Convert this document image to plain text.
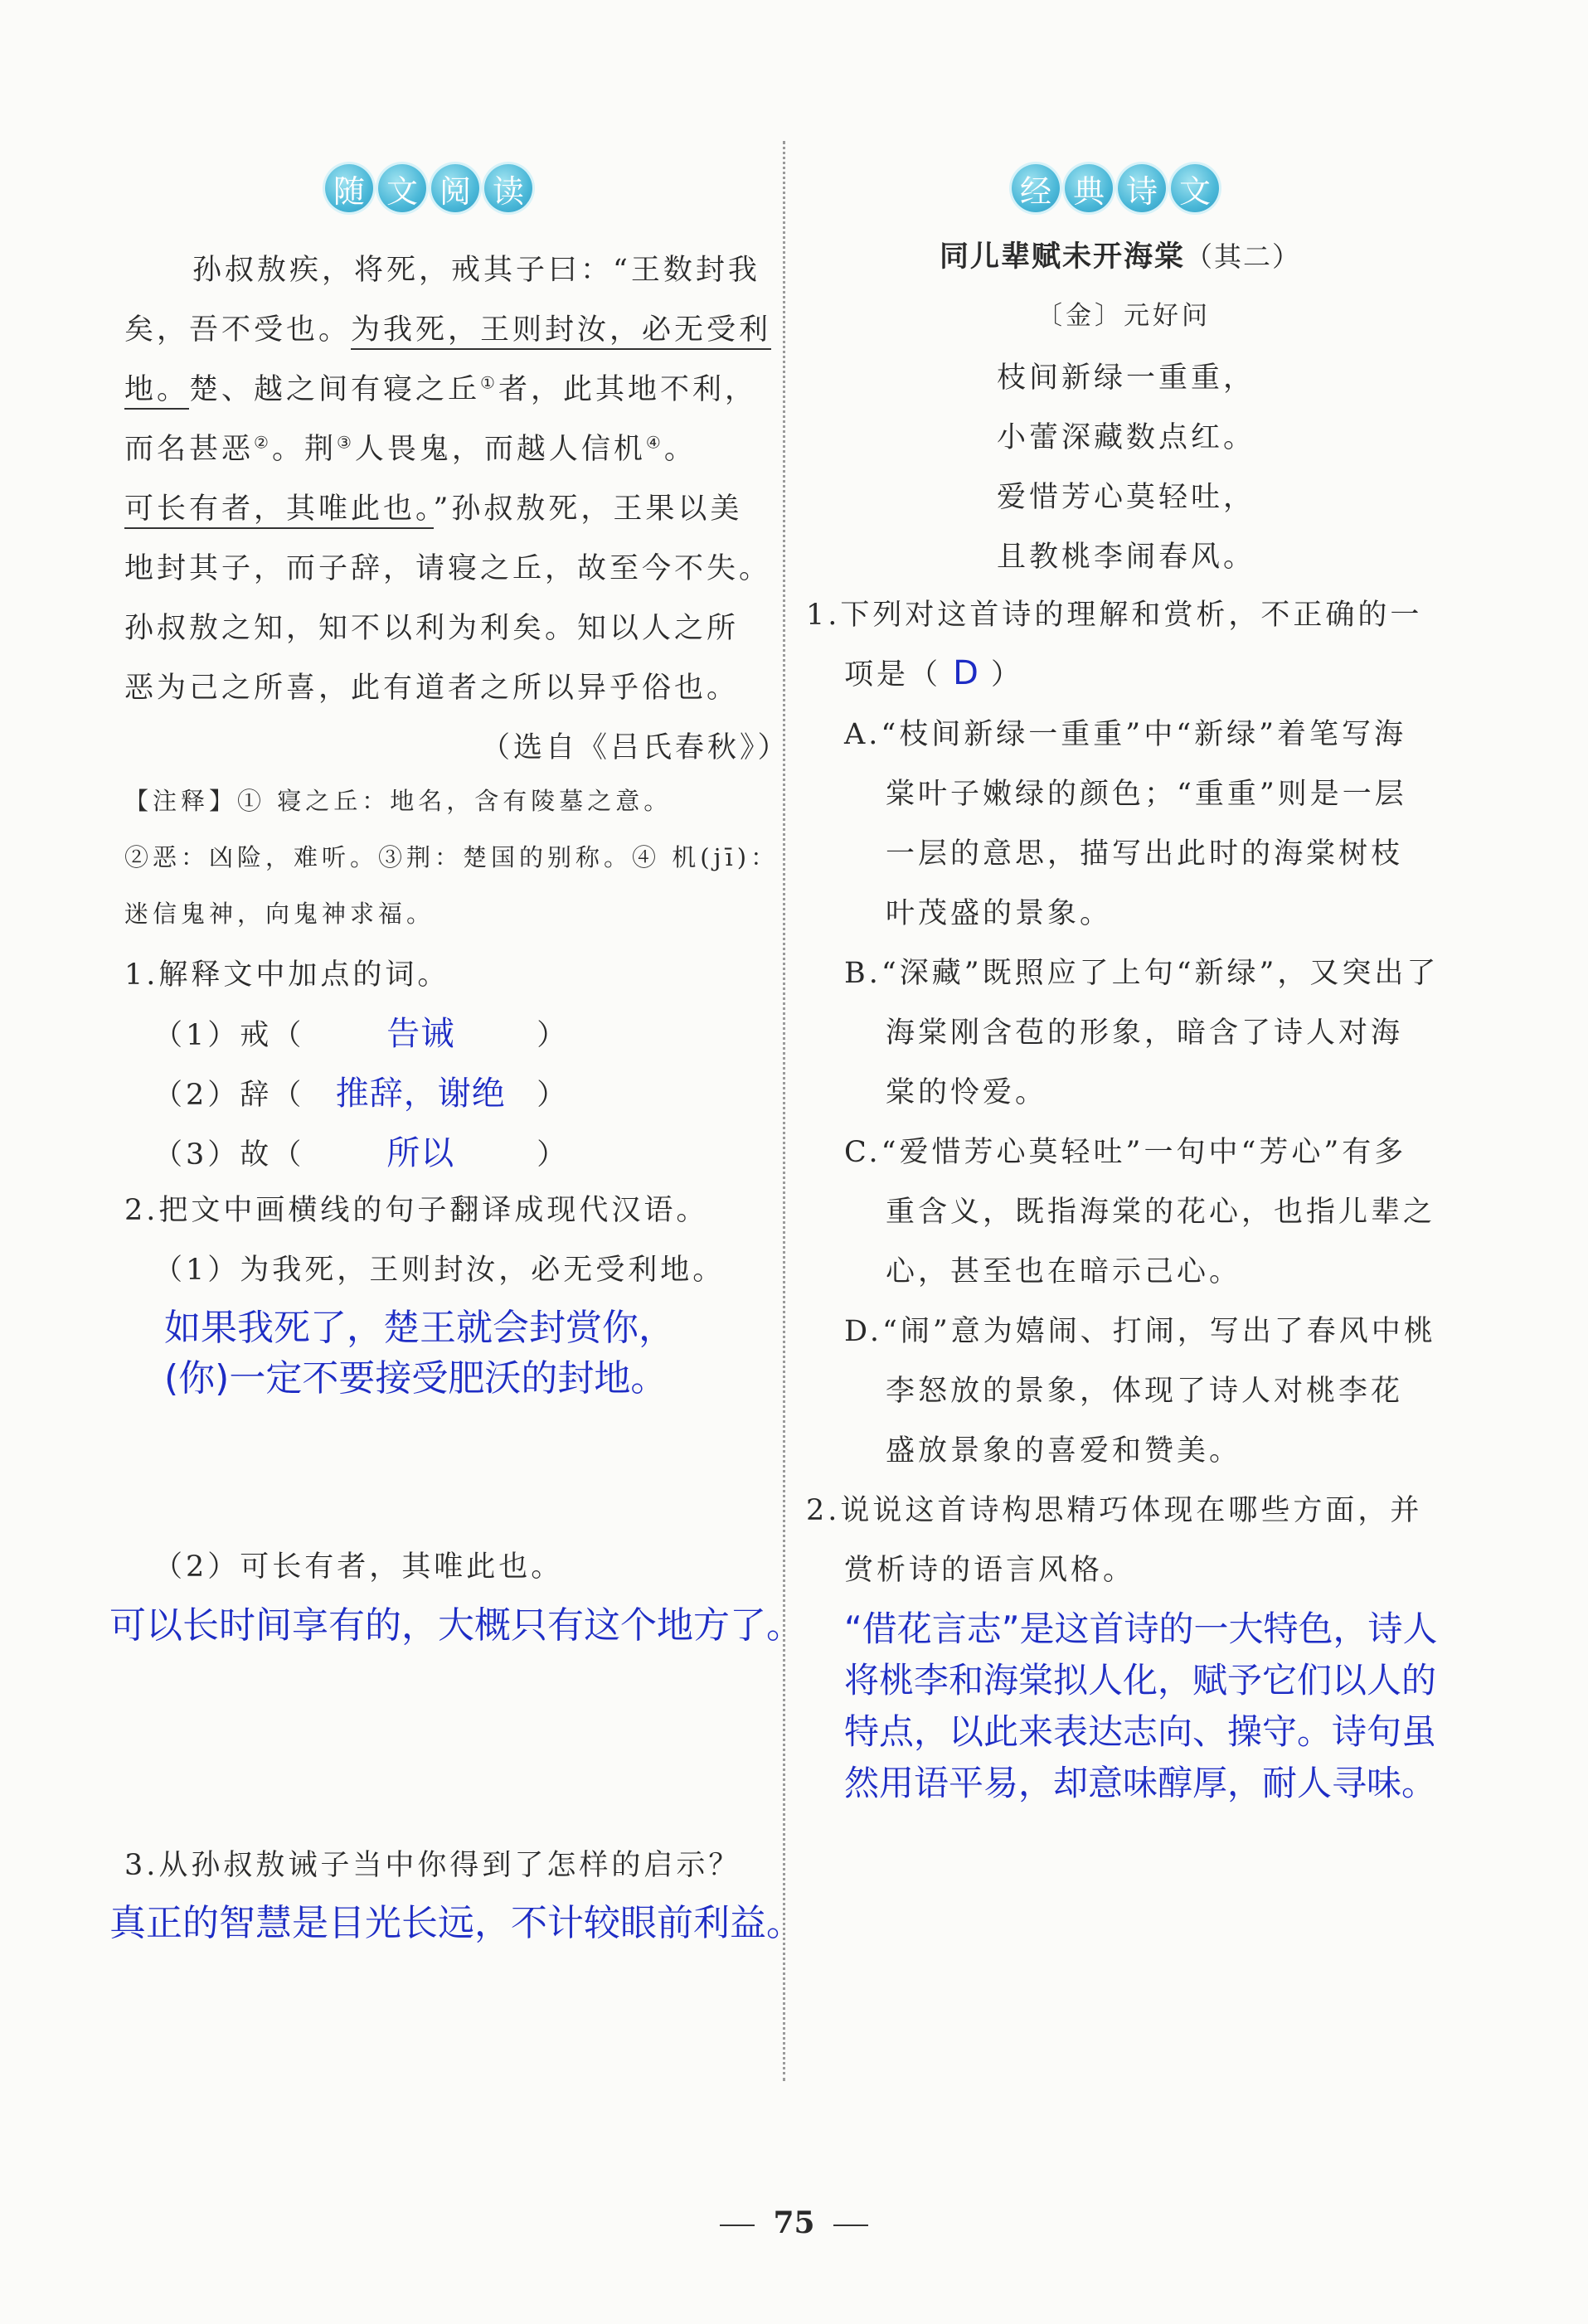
随 文 阅 读
孙叔敖疾，将死，戒其子曰：“王数封我
矣，吾不受也。为我死，王则封汝，必无受利
地。楚、越之间有寝之丘①者，此其地不利，
而名甚恶②。荆③人畏鬼，而越人信机④。
可长有者，其唯此也。”孙叔敖死，王果以美
地封其子，而子辞，请寝之丘，故至今不失。
孙叔敖之知，知不以利为利矣。知以人之所
恶为己之所喜，此有道者之所以异乎俗也。
（选自《吕氏春秋》）
【注释】① 寝之丘：地名，含有陵墓之意。
②恶：凶险，难听。③荆：楚国的别称。④ 机(jī)：
迷信鬼神，向鬼神求福。
1.解释文中加点的词。
（1）戒（ 告诫	）
（2）辞（ 推辞，谢绝 ）
（3）故（ 所以	）
2.把文中画横线的句子翻译成现代汉语。
（1）为我死，王则封汝，必无受利地。
如果我死了，楚王就会封赏你，
(你)一定不要接受肥沃的封地。
（2）可长有者，其唯此也。
可以长时间享有的，大概只有这个地方了。
3.从孙叔敖诫子当中你得到了怎样的启示？
真正的智慧是目光长远，不计较眼前利益。
经 典 诗 文
同儿辈赋未开海棠（其二）
〔金〕元好问
枝间新绿一重重，
小蕾深藏数点红。
爱惜芳心莫轻吐，
且教桃李闹春风。
1.下列对这首诗的理解和赏析，不正确的一
项是（ D ）
A.“枝间新绿一重重”中“新绿”着笔写海
棠叶子嫩绿的颜色；“重重”则是一层
一层的意思，描写出此时的海棠树枝
叶茂盛的景象。
B.“深藏”既照应了上句“新绿”，又突出了
海棠刚含苞的形象，暗含了诗人对海
棠的怜爱。
C.“爱惜芳心莫轻吐”一句中“芳心”有多
重含义，既指海棠的花心，也指儿辈之
心，甚至也在暗示己心。
D.“闹”意为嬉闹、打闹，写出了春风中桃
李怒放的景象，体现了诗人对桃李花
盛放景象的喜爱和赞美。
2.说说这首诗构思精巧体现在哪些方面，并
赏析诗的语言风格。
“借花言志”是这首诗的一大特色，诗人
将桃李和海棠拟人化，赋予它们以人的
特点，以此来表达志向、操守。诗句虽
然用语平易，却意味醇厚，耐人寻味。
75
